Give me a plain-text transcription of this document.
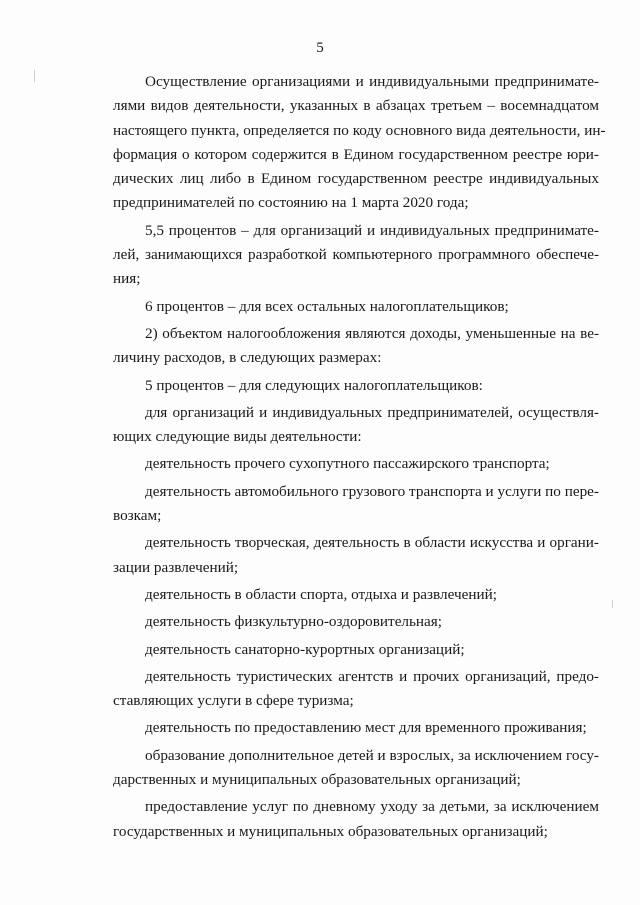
5
Осуществление организациями и индивидуальными предпринимате-
лями видов деятельности, указанных в абзацах третьем – восемнадцатом
настоящего пункта, определяется по коду основного вида деятельности, ин-
формация о котором содержится в Едином государственном реестре юри-
дических лиц либо в Едином государственном реестре индивидуальных
предпринимателей по состоянию на 1 марта 2020 года;
5,5 процентов – для организаций и индивидуальных предпринимате-
лей, занимающихся разработкой компьютерного программного обеспече-
ния;
6 процентов – для всех остальных налогоплательщиков;
2) объектом налогообложения являются доходы, уменьшенные на ве-
личину расходов, в следующих размерах:
5 процентов – для следующих налогоплательщиков:
для организаций и индивидуальных предпринимателей, осуществля-
ющих следующие виды деятельности:
деятельность прочего сухопутного пассажирского транспорта;
деятельность автомобильного грузового транспорта и услуги по пере-
возкам;
деятельность творческая, деятельность в области искусства и органи-
зации развлечений;
деятельность в области спорта, отдыха и развлечений;
деятельность физкультурно-оздоровительная;
деятельность санаторно-курортных организаций;
деятельность туристических агентств и прочих организаций, предо-
ставляющих услуги в сфере туризма;
деятельность по предоставлению мест для временного проживания;
образование дополнительное детей и взрослых, за исключением госу-
дарственных и муниципальных образовательных организаций;
предоставление услуг по дневному уходу за детьми, за исключением
государственных и муниципальных образовательных организаций;
